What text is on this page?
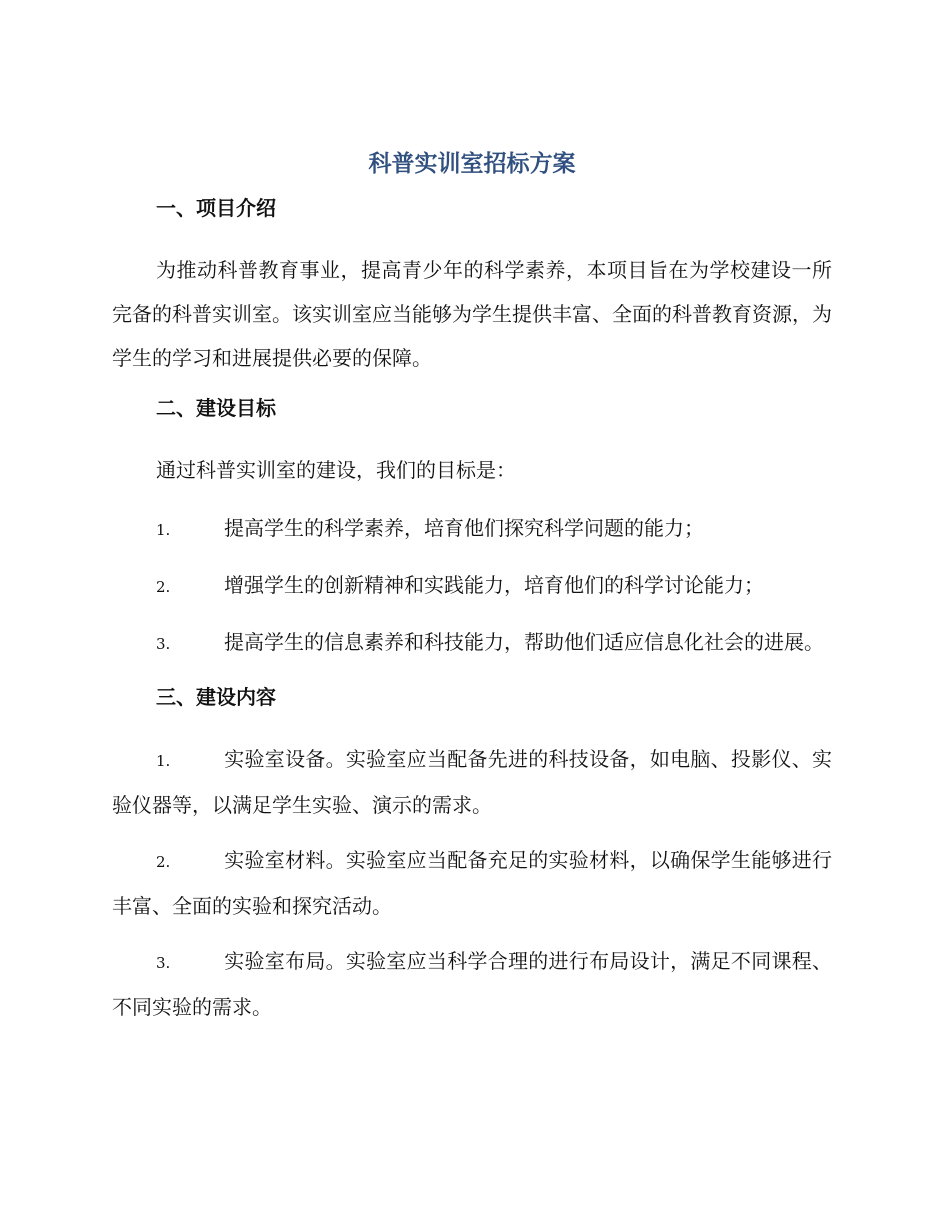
科普实训室招标方案
一、项目介绍
为推动科普教育事业，提高青少年的科学素养，本项目旨在为学校建设一所完备的科普实训室。该实训室应当能够为学生提供丰富、全面的科普教育资源，为学生的学习和进展提供必要的保障。
二、建设目标
通过科普实训室的建设，我们的目标是：
1.	提高学生的科学素养，培育他们探究科学问题的能力；
2.	增强学生的创新精神和实践能力，培育他们的科学讨论能力；
3.	提高学生的信息素养和科技能力，帮助他们适应信息化社会的进展。
三、建设内容
1.	实验室设备。实验室应当配备先进的科技设备，如电脑、投影仪、实验仪器等，以满足学生实验、演示的需求。
2.	实验室材料。实验室应当配备充足的实验材料，以确保学生能够进行丰富、全面的实验和探究活动。
3.	实验室布局。实验室应当科学合理的进行布局设计，满足不同课程、不同实验的需求。
